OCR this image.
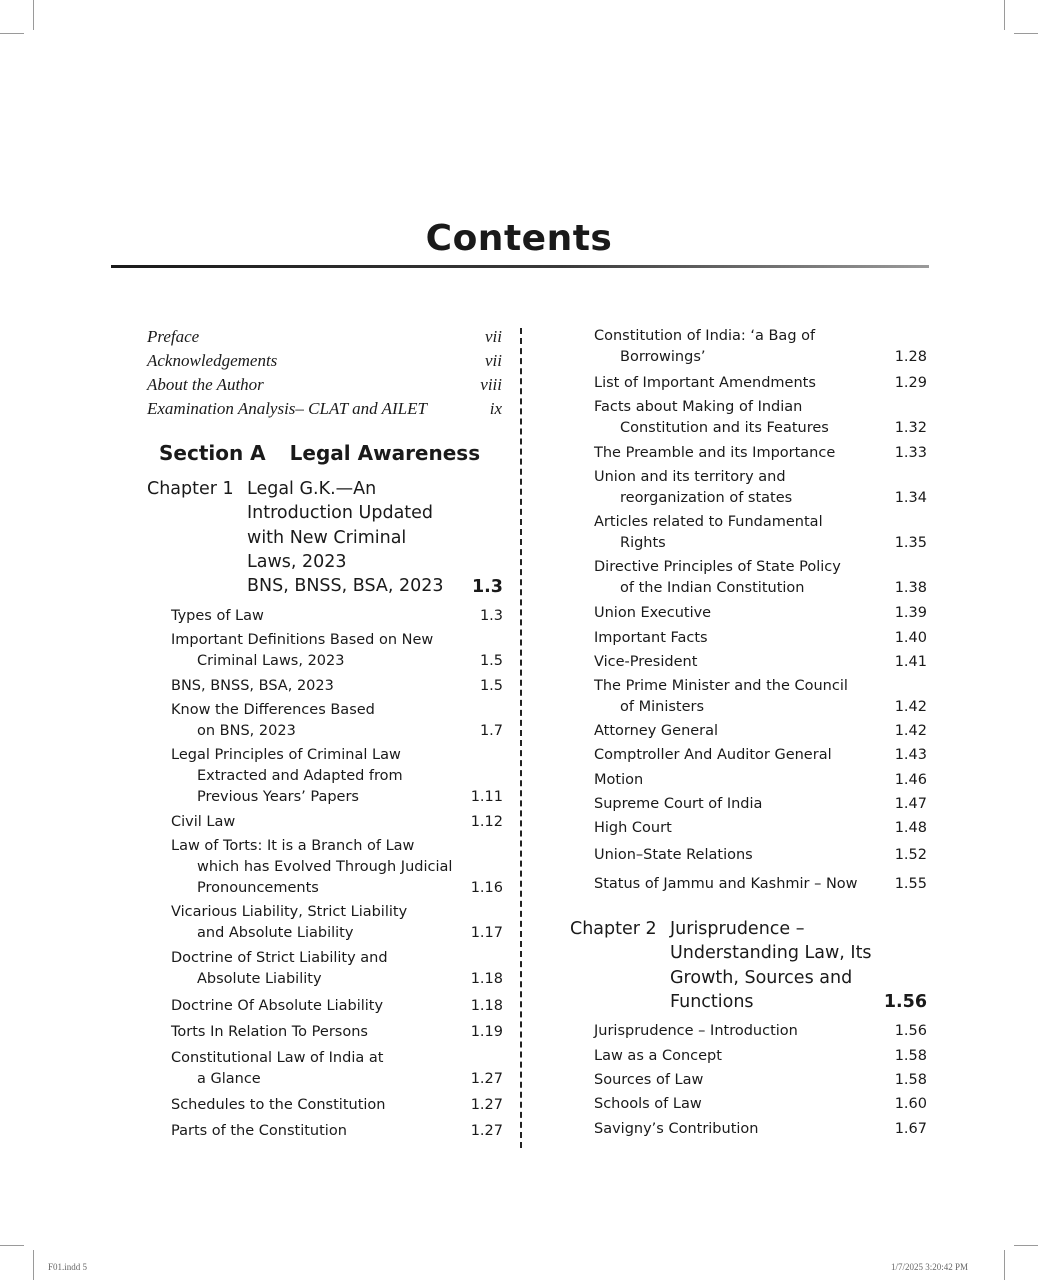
Contents
Preface	vii
Acknowledgements	vii
About the Author	viii
Examination Analysis– CLAT and AILET	ix
Section A Legal Awareness
Chapter 1 Legal G.K.—An
Introduction Updated
with New Criminal
Laws, 2023
BNS, BNSS, BSA, 2023 1.3
Types of Law	1.3
Important Definitions Based on New
Criminal Laws, 2023	1.5
BNS, BNSS, BSA, 2023	1.5
Know the Differences Based
on BNS, 2023	1.7
Legal Principles of Criminal Law
Extracted and Adapted from
Previous Years’ Papers	1.11
Civil Law	1.12
Law of Torts: It is a Branch of Law
which has Evolved Through Judicial
Pronouncements	1.16
Vicarious Liability, Strict Liability
and Absolute Liability	1.17
Doctrine of Strict Liability and
Absolute Liability	1.18
Doctrine Of Absolute Liability	1.18
Torts In Relation To Persons	1.19
Constitutional Law of India at
a Glance	1.27
Schedules to the Constitution	1.27
Parts of the Constitution	1.27
Constitution of India: ‘a Bag of
Borrowings’	1.28
List of Important Amendments	1.29
Facts about Making of Indian
Constitution and its Features	1.32
The Preamble and its Importance	1.33
Union and its territory and
reorganization of states	1.34
Articles related to Fundamental
Rights	1.35
Directive Principles of State Policy
of the Indian Constitution	1.38
Union Executive	1.39
Important Facts	1.40
Vice-President	1.41
The Prime Minister and the Council
of Ministers	1.42
Attorney General	1.42
Comptroller And Auditor General	1.43
Motion	1.46
Supreme Court of India	1.47
High Court	1.48
Union–State Relations	1.52
Status of Jammu and Kashmir – Now	1.55
Chapter 2 Jurisprudence –
Understanding Law, Its
Growth, Sources and
Functions	1.56
Jurisprudence – Introduction	1.56
Law as a Concept	1.58
Sources of Law	1.58
Schools of Law	1.60
Savigny’s Contribution	1.67
F01.indd 5	1/7/2025 3:20:42 PM
